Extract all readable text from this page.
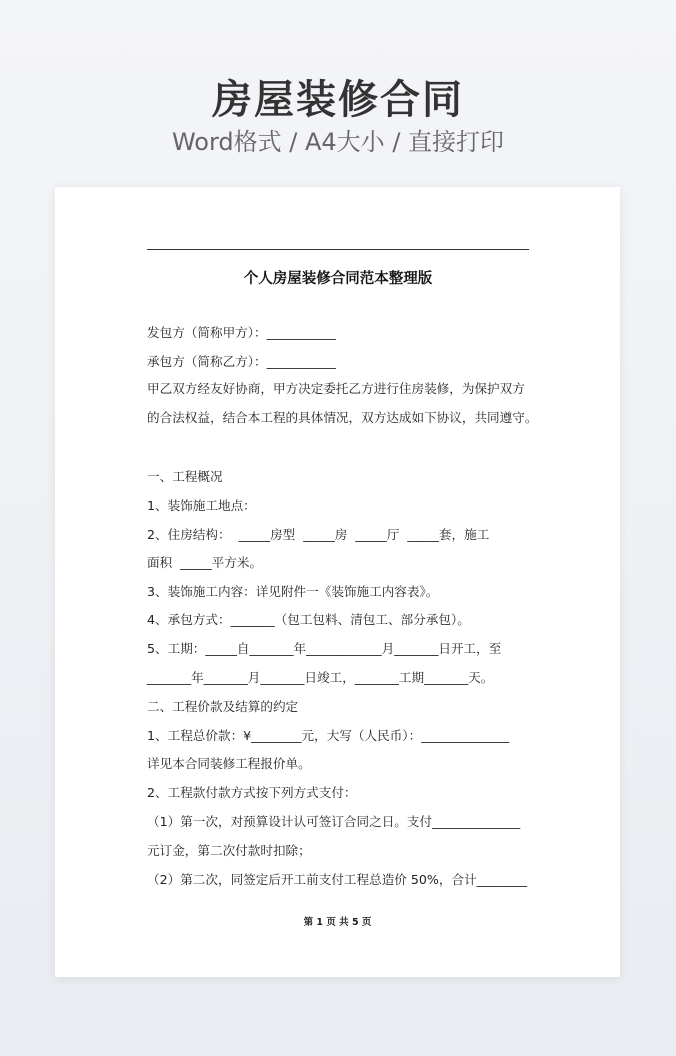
房屋装修合同
Word格式 / A4大小 / 直接打印
个人房屋装修合同范本整理版
发包方（简称甲方）：___________
承包方（简称乙方）：___________
甲乙双方经友好协商，甲方决定委托乙方进行住房装修，为保护双方
的合法权益，结合本工程的具体情况，双方达成如下协议，共同遵守。
一、工程概况
1、装饰施工地点：
2、住房结构：  _____房型  _____房  _____厅  _____套，施工
面积  _____平方米。
3、装饰施工内容：详见附件一《装饰施工内容表》。
4、承包方式：_______（包工包料、清包工、部分承包）。
5、工期：_____自_______年____________月_______日开工，至
_______年_______月_______日竣工，_______工期_______天。
二、工程价款及结算的约定
1、工程总价款：¥________元，大写（人民币）：______________
详见本合同装修工程报价单。
2、工程款付款方式按下列方式支付：
（1）第一次，对预算设计认可签订合同之日。支付______________
元订金，第二次付款时扣除；
（2）第二次，同签定后开工前支付工程总造价 50%，合计________
第 1 页 共 5 页
